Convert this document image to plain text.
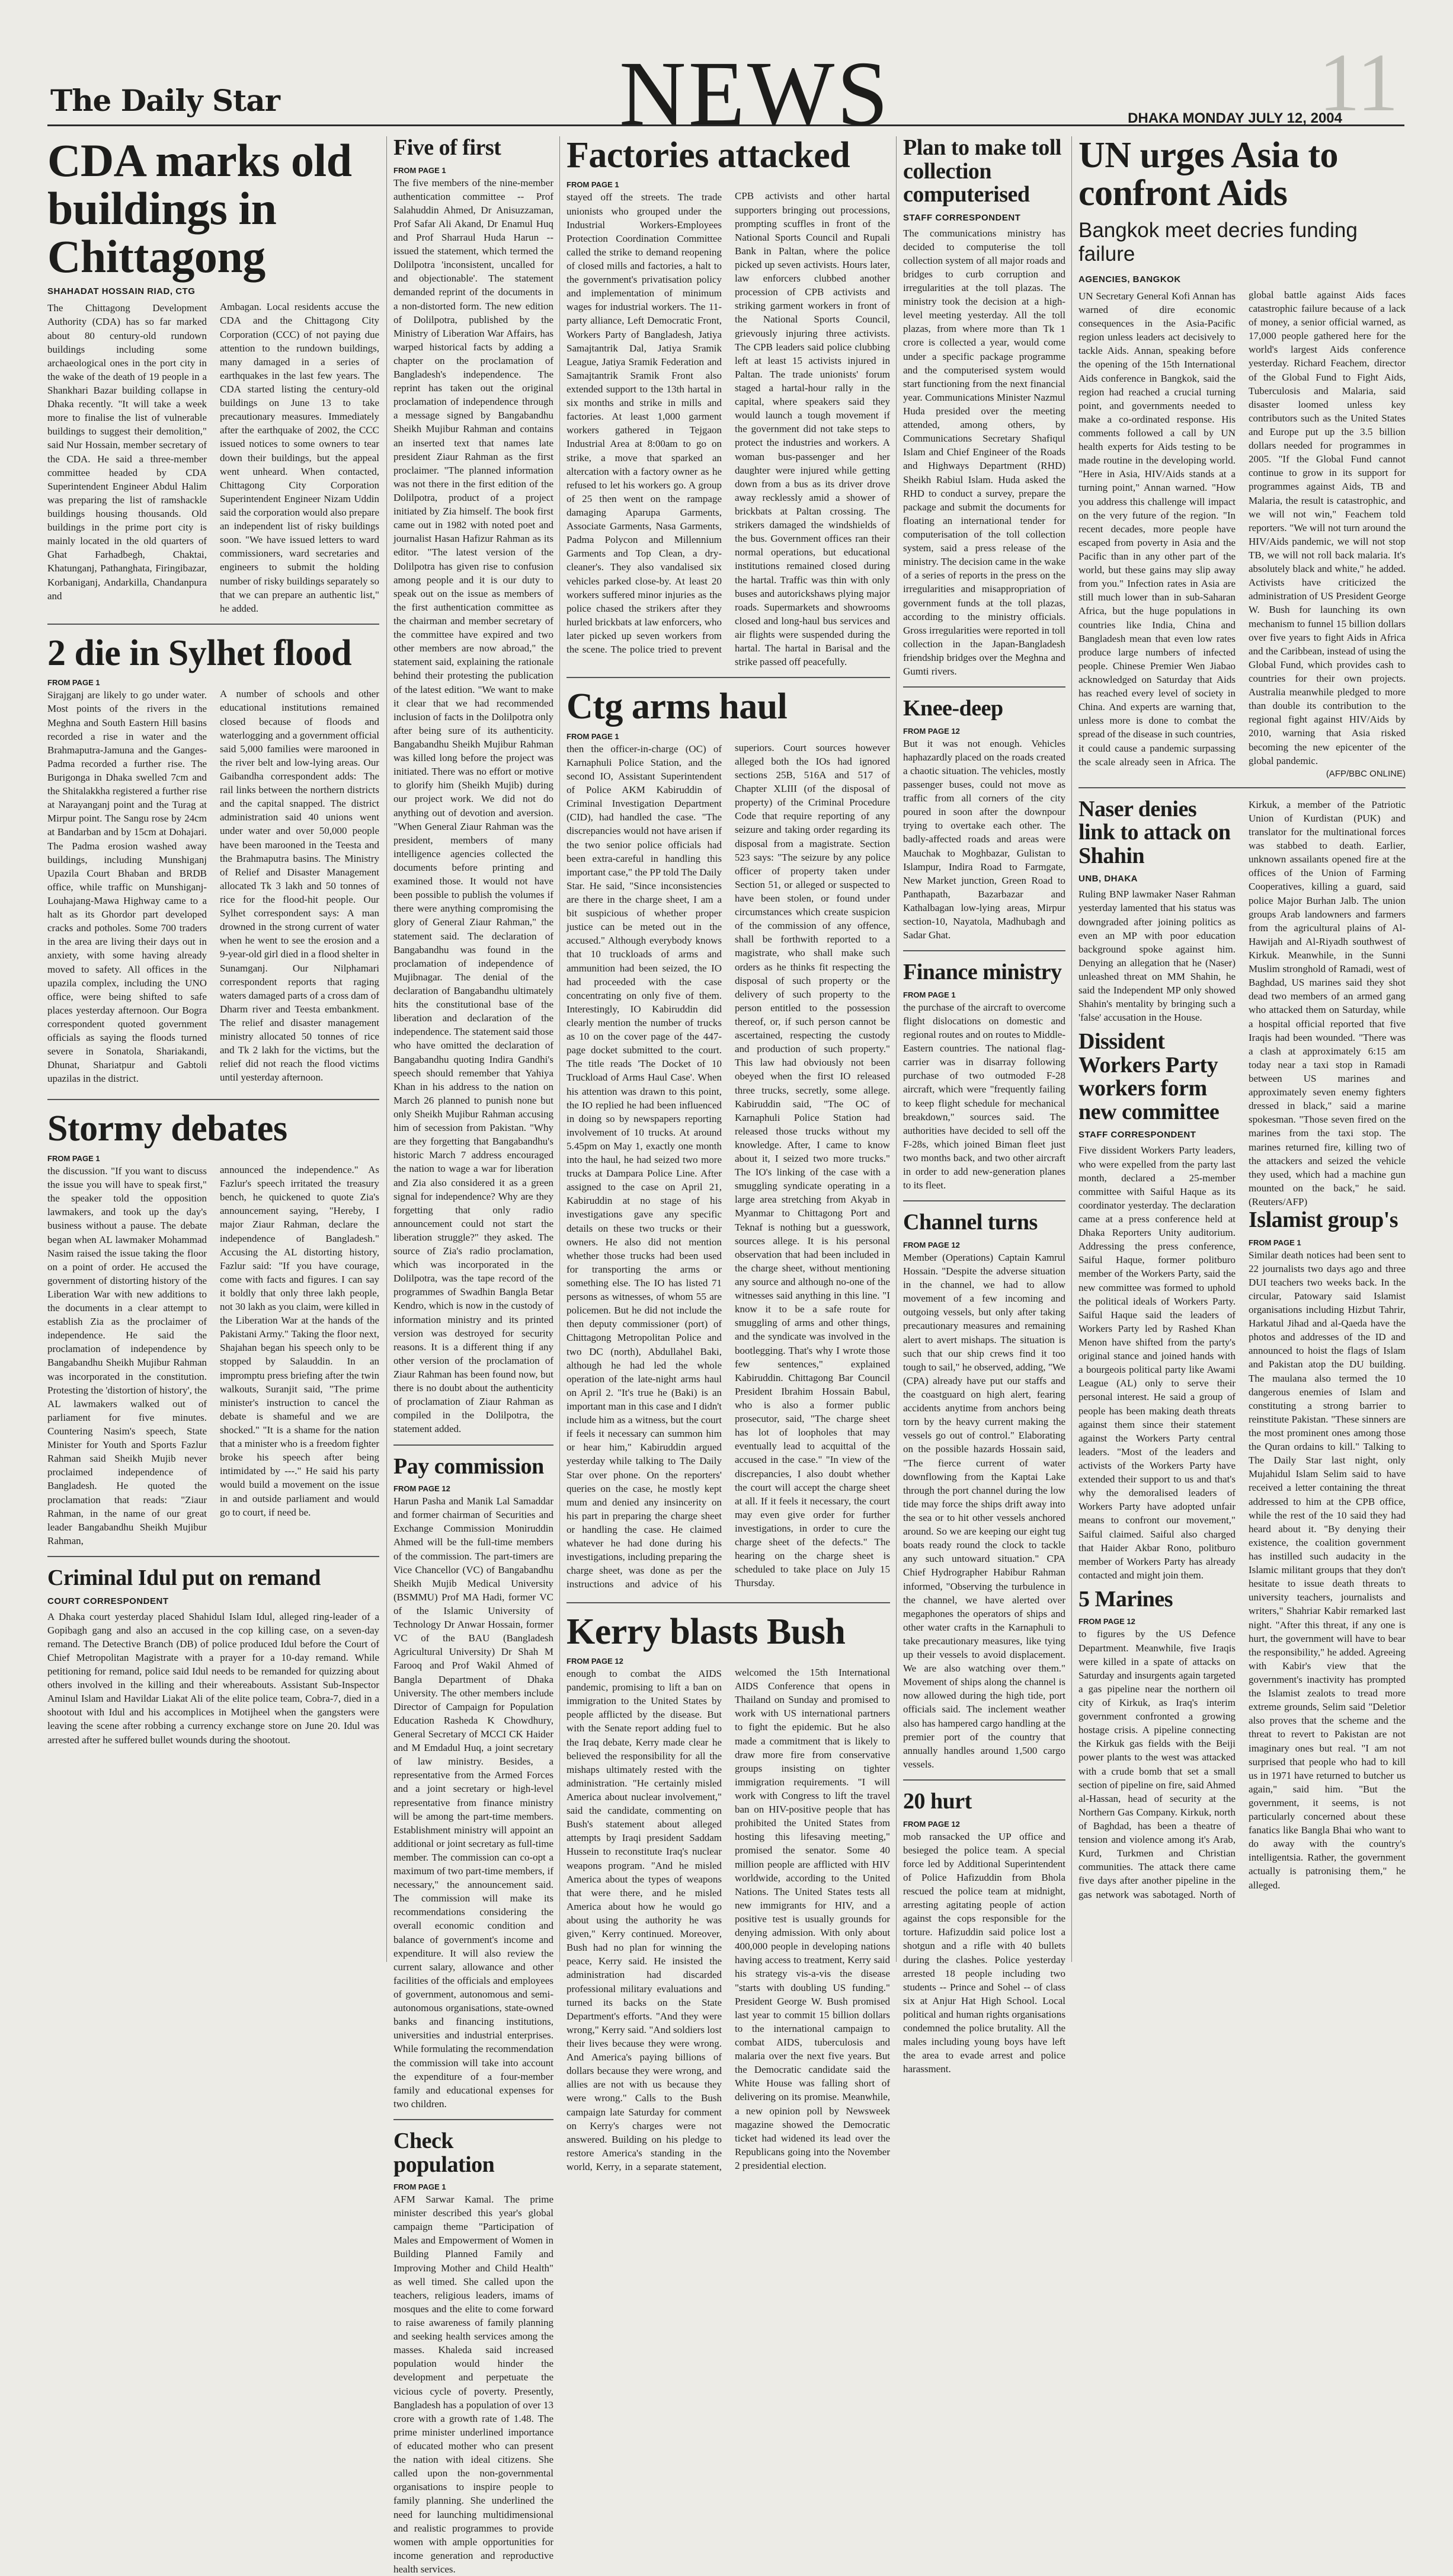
The Daily Star	NEWS	11
DHAKA MONDAY JULY 12, 2004
CDA marks old buildings in Chittagong
SHAHADAT HOSSAIN RIAD, CTG

The Chittagong Development Authority (CDA) has so far marked about 80 century-old rundown buildings including some archaeological ones in the port city in the wake of the death of 19 people in a Shankhari Bazar building collapse in Dhaka recently. "It will take a week more to finalise the list of vulnerable buildings to suggest their demolition," said Nur Hossain, member secretary of the CDA. He said a three-member committee headed by CDA Superintendent Engineer Abdul Halim was preparing the list of ramshackle buildings housing thousands. Old buildings in the prime port city is mainly located in the old quarters of Ghat Farhadbegh, Chaktai, Khatunganj, Pathanghata, Firingibazar, Korbaniganj, Andarkilla, Chandanpura and

Ambagan. Local residents accuse the CDA and the Chittagong City Corporation (CCC) of not paying due attention to the rundown buildings, many damaged in a series of earthquakes in the last few years. The CDA started listing the century-old buildings on June 13 to take precautionary measures. Immediately after the earthquake of 2002, the CCC issued notices to some owners to tear down their buildings, but the appeal went unheard. When contacted, Chittagong City Corporation Superintendent Engineer Nizam Uddin said the corporation would also prepare an independent list of risky buildings soon. "We have issued letters to ward commissioners, ward secretaries and engineers to submit the holding number of risky buildings separately so that we can prepare an authentic list," he added.

2 die in Sylhet flood
FROM PAGE 1

Sirajganj are likely to go under water. Most points of the rivers in the Meghna and South Eastern Hill basins recorded a rise in water and the Brahmaputra-Jamuna and the Ganges-Padma recorded a further rise. The Burigonga in Dhaka swelled 7cm and the Shitalakkha registered a further rise at Narayanganj point and the Turag at Mirpur point. The Sangu rose by 24cm at Bandarban and by 15cm at Dohajari. The Padma erosion washed away buildings, including Munshiganj Upazila Court Bhaban and BRDB office, while traffic on Munshiganj-Louhajang-Mawa Highway came to a halt as its Ghordor part developed cracks and potholes. Some 700 traders in the area are living their days out in anxiety, with some having already moved to safety. All offices in the upazila complex, including the UNO office, were being shifted to safe places yesterday afternoon. Our Bogra correspondent quoted government officials as saying the floods turned severe in Sonatola, Shariakandi, Dhunat, Shariatpur and Gabtoli upazilas in the district.

A number of schools and other educational institutions remained closed because of floods and waterlogging and a government official said 5,000 families were marooned in the river belt and low-lying areas. Our Gaibandha correspondent adds: The rail links between the northern districts and the capital snapped. The district administration said 40 unions went under water and over 50,000 people have been marooned in the Teesta and the Brahmaputra basins. The Ministry of Relief and Disaster Management allocated Tk 3 lakh and 50 tonnes of rice for the flood-hit people. Our Sylhet correspondent says: A man drowned in the strong current of water when he went to see the erosion and a 9-year-old girl died in a flood shelter in Sunamganj. Our Nilphamari correspondent reports that raging waters damaged parts of a cross dam of Dharm river and Teesta embankment. The relief and disaster management ministry allocated 50 tonnes of rice and Tk 2 lakh for the victims, but the relief did not reach the flood victims until yesterday afternoon.

Stormy debates
FROM PAGE 1

the discussion. "If you want to discuss the issue you will have to speak first," the speaker told the opposition lawmakers, and took up the day's business without a pause. The debate began when AL lawmaker Mohammad Nasim raised the issue taking the floor on a point of order. He accused the government of distorting history of the Liberation War with new additions to the documents in a clear attempt to establish Zia as the proclaimer of independence. He said the proclamation of independence by Bangabandhu Sheikh Mujibur Rahman was incorporated in the constitution. Protesting the 'distortion of history', the AL lawmakers walked out of parliament for five minutes. Countering Nasim's speech, State Minister for Youth and Sports Fazlur Rahman said Sheikh Mujib never proclaimed independence of Bangladesh. He quoted the proclamation that reads: "Ziaur Rahman, in the name of our great leader Bangabandhu Sheikh Mujibur Rahman,

announced the independence." As Fazlur's speech irritated the treasury bench, he quickened to quote Zia's announcement saying, "Hereby, I major Ziaur Rahman, declare the independence of Bangladesh." Accusing the AL distorting history, Fazlur said: "If you have courage, come with facts and figures. I can say it boldly that only three lakh people, not 30 lakh as you claim, were killed in the Liberation War at the hands of the Pakistani Army." Taking the floor next, Shajahan began his speech only to be stopped by Salauddin. In an impromptu press briefing after the twin walkouts, Suranjit said, "The prime minister's instruction to cancel the debate is shameful and we are shocked." "It is a shame for the nation that a minister who is a freedom fighter broke his speech after being intimidated by ---." He said his party would build a movement on the issue in and outside parliament and would go to court, if need be.

Criminal Idul put on remand
COURT CORRESPONDENT

A Dhaka court yesterday placed Shahidul Islam Idul, alleged ring-leader of a Gopibagh gang and also an accused in the cop killing case, on a seven-day remand. The Detective Branch (DB) of police produced Idul before the Court of Chief Metropolitan Magistrate with a prayer for a 10-day remand. While petitioning for remand, police said Idul needs to be remanded for quizzing about others involved in the killing and their whereabouts. Assistant Sub-Inspector Aminul Islam and Havildar Liakat Ali of the elite police team, Cobra-7, died in a shootout with Idul and his accomplices in Motijheel when the gangsters were leaving the scene after robbing a currency exchange store on June 20. Idul was arrested after he suffered bullet wounds during the shootout.

Five of first
FROM PAGE 1

The five members of the nine-member authentication committee -- Prof Salahuddin Ahmed, Dr Anisuzzaman, Prof Safar Ali Akand, Dr Enamul Huq and Prof Sharraul Huda Harun -- issued the statement, which termed the Dolilpotra 'inconsistent, uncalled for and objectionable'. The statement demanded reprint of the documents in a non-distorted form. The new edition of Dolilpotra, published by the Ministry of Liberation War Affairs, has warped historical facts by adding a chapter on the proclamation of Bangladesh's independence. The reprint has taken out the original proclamation of independence through a message signed by Bangabandhu Sheikh Mujibur Rahman and contains an inserted text that names late president Ziaur Rahman as the first proclaimer. "The planned information was not there in the first edition of the Dolilpotra, product of a project initiated by Zia himself. The book first came out in 1982 with noted poet and journalist Hasan Hafizur Rahman as its editor. "The latest version of the Dolilpotra has given rise to confusion among people and it is our duty to speak out on the issue as members of the first authentication committee as the chairman and member secretary of the committee have expired and two other members are now abroad," the statement said, explaining the rationale behind their protesting the publication of the latest edition. "We want to make it clear that we had recommended inclusion of facts in the Dolilpotra only after being sure of its authenticity. Bangabandhu Sheikh Mujibur Rahman was killed long before the project was initiated. There was no effort or motive to glorify him (Sheikh Mujib) during our project work. We did not do anything out of devotion and aversion. "When General Ziaur Rahman was the president, members of many intelligence agencies collected the documents before printing and examined those. It would not have been possible to publish the volumes if there were anything compromising the glory of General Ziaur Rahman," the statement said. The declaration of Bangabandhu was found in the proclamation of independence of Mujibnagar. The denial of the declaration of Bangabandhu ultimately hits the constitutional base of the liberation and declaration of the independence. The statement said those who have omitted the declaration of Bangabandhu quoting Indira Gandhi's speech should remember that Yahiya Khan in his address to the nation on March 26 planned to punish none but only Sheikh Mujibur Rahman accusing him of secession from Pakistan. "Why are they forgetting that Bangabandhu's historic March 7 address encouraged the nation to wage a war for liberation and Zia also considered it as a green signal for independence? Why are they forgetting that only radio announcement could not start the liberation struggle?" they asked. The source of Zia's radio proclamation, which was incorporated in the Dolilpotra, was the tape record of the programmes of Swadhin Bangla Betar Kendro, which is now in the custody of information ministry and its printed version was destroyed for security reasons. It is a different thing if any other version of the proclamation of Ziaur Rahman has been found now, but there is no doubt about the authenticity of proclamation of Ziaur Rahman as compiled in the Dolilpotra, the statement added.

Pay commission
FROM PAGE 12

Harun Pasha and Manik Lal Samaddar and former chairman of Securities and Exchange Commission Moniruddin Ahmed will be the full-time members of the commission. The part-timers are Vice Chancellor (VC) of Bangabandhu Sheikh Mujib Medical University (BSMMU) Prof MA Hadi, former VC of the Islamic University of Technology Dr Anwar Hossain, former VC of the BAU (Bangladesh Agricultural University) Dr Shah M Farooq and Prof Wakil Ahmed of Bangla Department of Dhaka University. The other members include Director of Campaign for Population Education Rasheda K Chowdhury, General Secretary of MCCI CK Haider and M Emdadul Huq, a joint secretary of law ministry. Besides, a representative from the Armed Forces and a joint secretary or high-level representative from finance ministry will be among the part-time members. Establishment ministry will appoint an additional or joint secretary as full-time member. The commission can co-opt a maximum of two part-time members, if necessary," the announcement said. The commission will make its recommendations considering the overall economic condition and balance of government's income and expenditure. It will also review the current salary, allowance and other facilities of the officials and employees of government, autonomous and semi-autonomous organisations, state-owned banks and financing institutions, universities and industrial enterprises. While formulating the recommendation the commission will take into account the expenditure of a four-member family and educational expenses for two children.

Check population
FROM PAGE 1

AFM Sarwar Kamal. The prime minister described this year's global campaign theme "Participation of Males and Empowerment of Women in Building Planned Family and Improving Mother and Child Health" as well timed. She called upon the teachers, religious leaders, imams of mosques and the elite to come forward to raise awareness of family planning and seeking health services among the masses. Khaleda said increased population would hinder the development and perpetuate the vicious cycle of poverty. Presently, Bangladesh has a population of over 13 crore with a growth rate of 1.48. The prime minister underlined importance of educated mother who can present the nation with ideal citizens. She called upon the non-governmental organisations to inspire people to family planning. She underlined the need for launching multidimensional and realistic programmes to provide women with ample opportunities for income generation and reproductive health services.

Factories attacked
FROM PAGE 1

stayed off the streets. The trade unionists who grouped under the Industrial Workers-Employees Protection Coordination Committee called the strike to demand reopening of closed mills and factories, a halt to the government's privatisation policy and implementation of minimum wages for industrial workers. The 11-party alliance, Left Democratic Front, Workers Party of Bangladesh, Jatiya Samajtantrik Dal, Jatiya Sramik League, Jatiya Sramik Federation and Samajtantrik Sramik Front also extended support to the 13th hartal in six months and strike in mills and factories. At least 1,000 garment workers gathered in Tejgaon Industrial Area at 8:00am to go on strike, a move that sparked an altercation with a factory owner as he refused to let his workers go. A group of 25 then went on the rampage damaging Aparupa Garments, Associate Garments, Nasa Garments, Padma Polycon and Millennium Garments and Top Clean, a dry-cleaner's. They also vandalised six vehicles parked close-by. At least 20 workers suffered minor injuries as the police chased the strikers after they hurled brickbats at law enforcers, who later picked up seven workers from the scene. The police tried to prevent CPB activists and other hartal supporters bringing out processions, prompting scuffles in front of the National Sports Council and Rupali Bank in Paltan, where the police picked up seven activists. Hours later, law enforcers clubbed another procession of CPB activists and striking garment workers in front of the National Sports Council, grievously injuring three activists. The CPB leaders said police clubbing left at least 15 activists injured in Paltan. The trade unionists' forum staged a hartal-hour rally in the capital, where speakers said they would launch a tough movement if the government did not take steps to protect the industries and workers. A woman bus-passenger and her daughter were injured while getting down from a bus as its driver drove away recklessly amid a shower of brickbats at Paltan crossing. The strikers damaged the windshields of the bus. Government offices ran their normal operations, but educational institutions remained closed during the hartal. Traffic was thin with only buses and autorickshaws plying major roads. Supermarkets and showrooms closed and long-haul bus services and air flights were suspended during the hartal. The hartal in Barisal and the strike passed off peacefully.

Ctg arms haul
FROM PAGE 1

then the officer-in-charge (OC) of Karnaphuli Police Station, and the second IO, Assistant Superintendent of Police AKM Kabiruddin of Criminal Investigation Department (CID), had handled the case. "The discrepancies would not have arisen if the two senior police officials had been extra-careful in handling this important case," the PP told The Daily Star. He said, "Since inconsistencies are there in the charge sheet, I am a bit suspicious of whether proper justice can be meted out in the accused." Although everybody knows that 10 truckloads of arms and ammunition had been seized, the IO had proceeded with the case concentrating on only five of them. Interestingly, IO Kabiruddin did clearly mention the number of trucks as 10 on the cover page of the 447-page docket submitted to the court. The title reads 'The Docket of 10 Truckload of Arms Haul Case'. When his attention was drawn to this point, the IO replied he had been influenced in doing so by newspapers reporting involvement of 10 trucks. At around 5.45pm on May 1, exactly one month into the haul, he had seized two more trucks at Dampara Police Line. After assigned to the case on April 21, Kabiruddin at no stage of his investigations gave any specific details on these two trucks or their owners. He also did not mention whether those trucks had been used for transporting the arms or something else. The IO has listed 71 persons as witnesses, of whom 55 are policemen. But he did not include the then deputy commissioner (port) of Chittagong Metropolitan Police and two DC (north), Abdullahel Baki, although he had led the whole operation of the late-night arms haul on April 2. "It's true he (Baki) is an important man in this case and I didn't include him as a witness, but the court if feels it necessary can summon him or hear him," Kabiruddin argued yesterday while talking to The Daily Star over phone. On the reporters' queries on the case, he mostly kept mum and denied any insincerity on his part in preparing the charge sheet or handling the case. He claimed whatever he had done during his investigations, including preparing the charge sheet, was done as per the instructions and advice of his superiors. Court sources however alleged both the IOs had ignored sections 25B, 516A and 517 of Chapter XLIII (of the disposal of property) of the Criminal Procedure Code that require reporting of any seizure and taking order regarding its disposal from a magistrate. Section 523 says: "The seizure by any police officer of property taken under Section 51, or alleged or suspected to have been stolen, or found under circumstances which create suspicion of the commission of any offence, shall be forthwith reported to a magistrate, who shall make such orders as he thinks fit respecting the disposal of such property or the delivery of such property to the person entitled to the possession thereof, or, if such person cannot be ascertained, respecting the custody and production of such property." This law had obviously not been obeyed when the first IO released three trucks, secretly, some allege. Kabiruddin said, "The OC of Karnaphuli Police Station had released those trucks without my knowledge. After, I came to know about it, I seized two more trucks." The IO's linking of the case with a smuggling syndicate operating in a large area stretching from Akyab in Myanmar to Chittagong Port and Teknaf is nothing but a guesswork, sources allege. It is his personal observation that had been included in the charge sheet, without mentioning any source and although no-one of the witnesses said anything in this line. "I know it to be a safe route for smuggling of arms and other things, and the syndicate was involved in the bootlegging. That's why I wrote those few sentences," explained Kabiruddin. Chittagong Bar Council President Ibrahim Hossain Babul, who is also a former public prosecutor, said, "The charge sheet has lot of loopholes that may eventually lead to acquittal of the accused in the case." "In view of the discrepancies, I also doubt whether the court will accept the charge sheet at all. If it feels it necessary, the court may even give order for further investigations, in order to cure the charge sheet of the defects." The hearing on the charge sheet is scheduled to take place on July 15 Thursday.

Kerry blasts Bush
FROM PAGE 12

enough to combat the AIDS pandemic, promising to lift a ban on immigration to the United States by people afflicted by the disease. But with the Senate report adding fuel to the Iraq debate, Kerry made clear he believed the responsibility for all the mishaps ultimately rested with the administration. "He certainly misled America about nuclear involvement," said the candidate, commenting on Bush's statement about alleged attempts by Iraqi president Saddam Hussein to reconstitute Iraq's nuclear weapons program. "And he misled America about the types of weapons that were there, and he misled America about how he would go about using the authority he was given," Kerry continued. Moreover, Bush had no plan for winning the peace, Kerry said. He insisted the administration had discarded professional military evaluations and turned its backs on the State Department's efforts. "And they were wrong," Kerry said. "And soldiers lost their lives because they were wrong. And America's paying billions of dollars because they were wrong, and allies are not with us because they were wrong." Calls to the Bush campaign late Saturday for comment on Kerry's charges were not answered. Building on his pledge to restore America's standing in the world, Kerry, in a separate statement, welcomed the 15th International AIDS Conference that opens in Thailand on Sunday and promised to work with US international partners to fight the epidemic. But he also made a commitment that is likely to draw more fire from conservative groups insisting on tighter immigration requirements. "I will work with Congress to lift the travel ban on HIV-positive people that has prohibited the United States from hosting this lifesaving meeting," promised the senator. Some 40 million people are afflicted with HIV worldwide, according to the United Nations. The United States tests all new immigrants for HIV, and a positive test is usually grounds for denying admission. With only about 400,000 people in developing nations having access to treatment, Kerry said his strategy vis-a-vis the disease "starts with doubling US funding." President George W. Bush promised last year to commit 15 billion dollars to the international campaign to combat AIDS, tuberculosis and malaria over the next five years. But the Democratic candidate said the White House was falling short of delivering on its promise. Meanwhile, a new opinion poll by Newsweek magazine showed the Democratic ticket had widened its lead over the Republicans going into the November 2 presidential election.

Plan to make toll collection computerised
STAFF CORRESPONDENT

The communications ministry has decided to computerise the toll collection system of all major roads and bridges to curb corruption and irregularities at the toll plazas. The ministry took the decision at a high-level meeting yesterday. All the toll plazas, from where more than Tk 1 crore is collected a year, would come under a specific package programme and the computerised system would start functioning from the next financial year. Communications Minister Nazmul Huda presided over the meeting attended, among others, by Communications Secretary Shafiqul Islam and Chief Engineer of the Roads and Highways Department (RHD) Sheikh Rabiul Islam. Huda asked the RHD to conduct a survey, prepare the package and submit the documents for floating an international tender for computerisation of the toll collection system, said a press release of the ministry. The decision came in the wake of a series of reports in the press on the irregularities and misappropriation of government funds at the toll plazas, according to the ministry officials. Gross irregularities were reported in toll collection in the Japan-Bangladesh friendship bridges over the Meghna and Gumti rivers.

Knee-deep
FROM PAGE 12

But it was not enough. Vehicles haphazardly placed on the roads created a chaotic situation. The vehicles, mostly passenger buses, could not move as traffic from all corners of the city poured in soon after the downpour trying to overtake each other. The badly-affected roads and areas were Mauchak to Moghbazar, Gulistan to Islampur, Indira Road to Farmgate, New Market junction, Green Road to Panthapath, Bazarbazar and Kathalbagan low-lying areas, Mirpur section-10, Nayatola, Madhubagh and Sadar Ghat.

Finance ministry
FROM PAGE 1

the purchase of the aircraft to overcome flight dislocations on domestic and regional routes and on routes to Middle-Eastern countries. The national flag-carrier was in disarray following purchase of two outmoded F-28 aircraft, which were "frequently failing to keep flight schedule for mechanical breakdown," sources said. The authorities have decided to sell off the F-28s, which joined Biman fleet just two months back, and two other aircraft in order to add new-generation planes to its fleet.

Channel turns
FROM PAGE 12

Member (Operations) Captain Kamrul Hossain. "Despite the adverse situation in the channel, we had to allow movement of a few incoming and outgoing vessels, but only after taking precautionary measures and remaining alert to avert mishaps. The situation is such that our ship crews find it too tough to sail," he observed, adding, "We (CPA) already have put our staffs and the coastguard on high alert, fearing accidents anytime from anchors being torn by the heavy current making the vessels go out of control." Elaborating on the possible hazards Hossain said, "The fierce current of water downflowing from the Kaptai Lake through the port channel during the low tide may force the ships drift away into the sea or to hit other vessels anchored around. So we are keeping our eight tug boats ready round the clock to tackle any such untoward situation." CPA Chief Hydrographer Habibur Rahman informed, "Observing the turbulence in the channel, we have alerted over megaphones the operators of ships and other water crafts in the Karnaphuli to take precautionary measures, like tying up their vessels to avoid displacement. We are also watching over them." Movement of ships along the channel is now allowed during the high tide, port officials said. The inclement weather also has hampered cargo handling at the premier port of the country that annually handles around 1,500 cargo vessels.

20 hurt
FROM PAGE 12

mob ransacked the UP office and besieged the police team. A special force led by Additional Superintendent of Police Hafizuddin from Bhola rescued the police team at midnight, arresting agitating people of action against the cops responsible for the torture. Hafizuddin said police lost a shotgun and a rifle with 40 bullets during the clashes. Police yesterday arrested 18 people including two students -- Prince and Sohel -- of class six at Anjur Hat High School. Local political and human rights organisations condemned the police brutality. All the males including young boys have left the area to evade arrest and police harassment.

UN urges Asia to confront Aids
Bangkok meet decries funding failure
AGENCIES, BANGKOK

UN Secretary General Kofi Annan has warned of dire economic consequences in the Asia-Pacific region unless leaders act decisively to tackle Aids. Annan, speaking before the opening of the 15th International Aids conference in Bangkok, said the region had reached a crucial turning point, and governments needed to make a co-ordinated response. His comments followed a call by UN health experts for Aids testing to be made routine in the developing world. "Here in Asia, HIV/Aids stands at a turning point," Annan warned. "How you address this challenge will impact on the very future of the region. "In recent decades, more people have escaped from poverty in Asia and the Pacific than in any other part of the world, but these gains may slip away from you." Infection rates in Asia are still much lower than in sub-Saharan Africa, but the huge populations in countries like India, China and Bangladesh mean that even low rates produce large numbers of infected people. Chinese Premier Wen Jiabao acknowledged on Saturday that Aids has reached every level of society in China. And experts are warning that, unless more is done to combat the spread of the disease in such countries, it could cause a pandemic surpassing the scale already seen in Africa. The global battle against Aids faces catastrophic failure because of a lack of money, a senior official warned, as 17,000 people gathered here for the world's largest Aids conference yesterday. Richard Feachem, director of the Global Fund to Fight Aids, Tuberculosis and Malaria, said disaster loomed unless key contributors such as the United States and Europe put up the 3.5 billion dollars needed for programmes in 2005. "If the Global Fund cannot continue to grow in its support for programmes against Aids, TB and Malaria, the result is catastrophic, and we will not win," Feachem told reporters. "We will not turn around the HIV/Aids pandemic, we will not stop TB, we will not roll back malaria. It's absolutely black and white," he added. Activists have criticized the administration of US President George W. Bush for launching its own mechanism to funnel 15 billion dollars over five years to fight Aids in Africa and the Caribbean, instead of using the Global Fund, which provides cash to countries for their own projects. Australia meanwhile pledged to more than double its contribution to the regional fight against HIV/Aids by 2010, warning that Asia risked becoming the new epicenter of the global pandemic.

(AFP/BBC ONLINE)
Naser denies link to attack on Shahin
UNB, DHAKA

Ruling BNP lawmaker Naser Rahman yesterday lamented that his status was downgraded after joining politics as even an MP with poor education background spoke against him. Denying an allegation that he (Naser) unleashed threat on MM Shahin, he said the Independent MP only showed Shahin's mentality by bringing such a 'false' accusation in the House.

Dissident Workers Party workers form new committee
STAFF CORRESPONDENT

Five dissident Workers Party leaders, who were expelled from the party last month, declared a 25-member committee with Saiful Haque as its coordinator yesterday. The declaration came at a press conference held at Dhaka Reporters Unity auditorium. Addressing the press conference, Saiful Haque, former politburo member of the Workers Party, said the new committee was formed to uphold the political ideals of Workers Party. Saiful Haque said the leaders of Workers Party led by Rashed Khan Menon have shifted from the party's original stance and joined hands with a bourgeois political party like Awami League (AL) only to serve their personal interest. He said a group of people has been making death threats against them since their statement against the Workers Party central leaders. "Most of the leaders and activists of the Workers Party have extended their support to us and that's why the demoralised leaders of Workers Party have adopted unfair means to confront our movement," Saiful claimed. Saiful also charged that Haider Akbar Rono, politburo member of Workers Party has already contacted and might join them.

5 Marines
FROM PAGE 12

to figures by the US Defence Department. Meanwhile, five Iraqis were killed in a spate of attacks on Saturday and insurgents again targeted a gas pipeline near the northern oil city of Kirkuk, as Iraq's interim government confronted a growing hostage crisis. A pipeline connecting the Kirkuk gas fields with the Beiji power plants to the west was attacked with a crude bomb that set a small section of pipeline on fire, said Ahmed al-Hassan, head of security at the Northern Gas Company. Kirkuk, north of Baghdad, has been a theatre of tension and violence among it's Arab, Kurd, Turkmen and Christian communities. The attack there came five days after another pipeline in the gas network was sabotaged. North of Kirkuk, a member of the Patriotic Union of Kurdistan (PUK) and translator for the multinational forces was stabbed to death. Earlier, unknown assailants opened fire at the offices of the Union of Farming Cooperatives, killing a guard, said police Major Burhan Jalb. The union groups Arab landowners and farmers from the agricultural plains of Al-Hawijah and Al-Riyadh southwest of Kirkuk. Meanwhile, in the Sunni Muslim stronghold of Ramadi, west of Baghdad, US marines said they shot dead two members of an armed gang who attacked them on Saturday, while a hospital official reported that five Iraqis had been wounded. "There was a clash at approximately 6:15 am today near a taxi stop in Ramadi between US marines and approximately seven enemy fighters dressed in black," said a marine spokesman. "Those seven fired on the marines from the taxi stop. The marines returned fire, killing two of the attackers and seized the vehicle they used, which had a machine gun mounted on the back," he said. (Reuters/AFP)

Islamist group's
FROM PAGE 1

Similar death notices had been sent to 22 journalists two days ago and three DUI teachers two weeks back. In the circular, Patowary said Islamist organisations including Hizbut Tahrir, Harkatul Jihad and al-Qaeda have the photos and addresses of the ID and announced to hoist the flags of Islam and Pakistan atop the DU building. The maulana also termed the 10 dangerous enemies of Islam and constituting a strong barrier to reinstitute Pakistan. "These sinners are the most prominent ones among those the Quran ordains to kill." Talking to The Daily Star last night, only Mujahidul Islam Selim said to have received a letter containing the threat addressed to him at the CPB office, while the rest of the 10 said they had heard about it. "By denying their existence, the coalition government has instilled such audacity in the Islamic militant groups that they don't hesitate to issue death threats to university teachers, journalists and writers," Shahriar Kabir remarked last night. "After this threat, if any one is hurt, the government will have to bear the responsibility," he added. Agreeing with Kabir's view that the government's inactivity has prompted the Islamist zealots to tread more extreme grounds, Selim said "Deletior also proves that the scheme and the threat to revert to Pakistan are not imaginary ones but real. "I am not surprised that people who had to kill us in 1971 have returned to butcher us again," said him. "But the government, it seems, is not particularly concerned about these fanatics like Bangla Bhai who want to do away with the country's intelligentsia. Rather, the government actually is patronising them," he alleged.
